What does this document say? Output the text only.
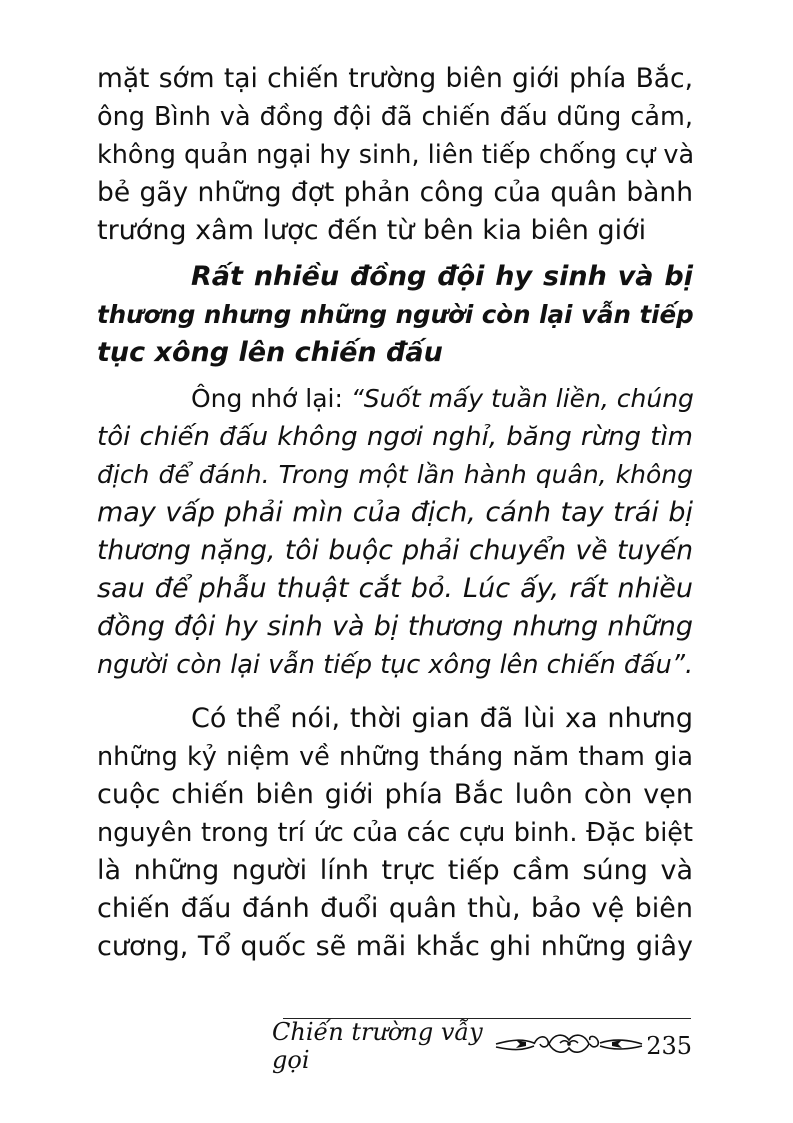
mặt sớm tại chiến trường biên giới phía Bắc,
ông Bình và đồng đội đã chiến đấu dũng cảm,
không quản ngại hy sinh, liên tiếp chống cự và
bẻ gãy những đợt phản công của quân bành
trướng xâm lược đến từ bên kia biên giới
Rất nhiều đồng đội hy sinh và bị
thương nhưng những người còn lại vẫn tiếp
tục xông lên chiến đấu
Ông nhớ lại: “Suốt mấy tuần liền, chúng
tôi chiến đấu không ngơi nghỉ, băng rừng tìm
địch để đánh. Trong một lần hành quân, không
may vấp phải mìn của địch, cánh tay trái bị
thương nặng, tôi buộc phải chuyển về tuyến
sau để phẫu thuật cắt bỏ. Lúc ấy, rất nhiều
đồng đội hy sinh và bị thương nhưng những
người còn lại vẫn tiếp tục xông lên chiến đấu”.
Có thể nói, thời gian đã lùi xa nhưng
những kỷ niệm về những tháng năm tham gia
cuộc chiến biên giới phía Bắc luôn còn vẹn
nguyên trong trí ức của các cựu binh. Đặc biệt
là những người lính trực tiếp cầm súng và
chiến đấu đánh đuổi quân thù, bảo vệ biên
cương, Tổ quốc sẽ mãi khắc ghi những giây
Chiến trường vẫy gọi	235
